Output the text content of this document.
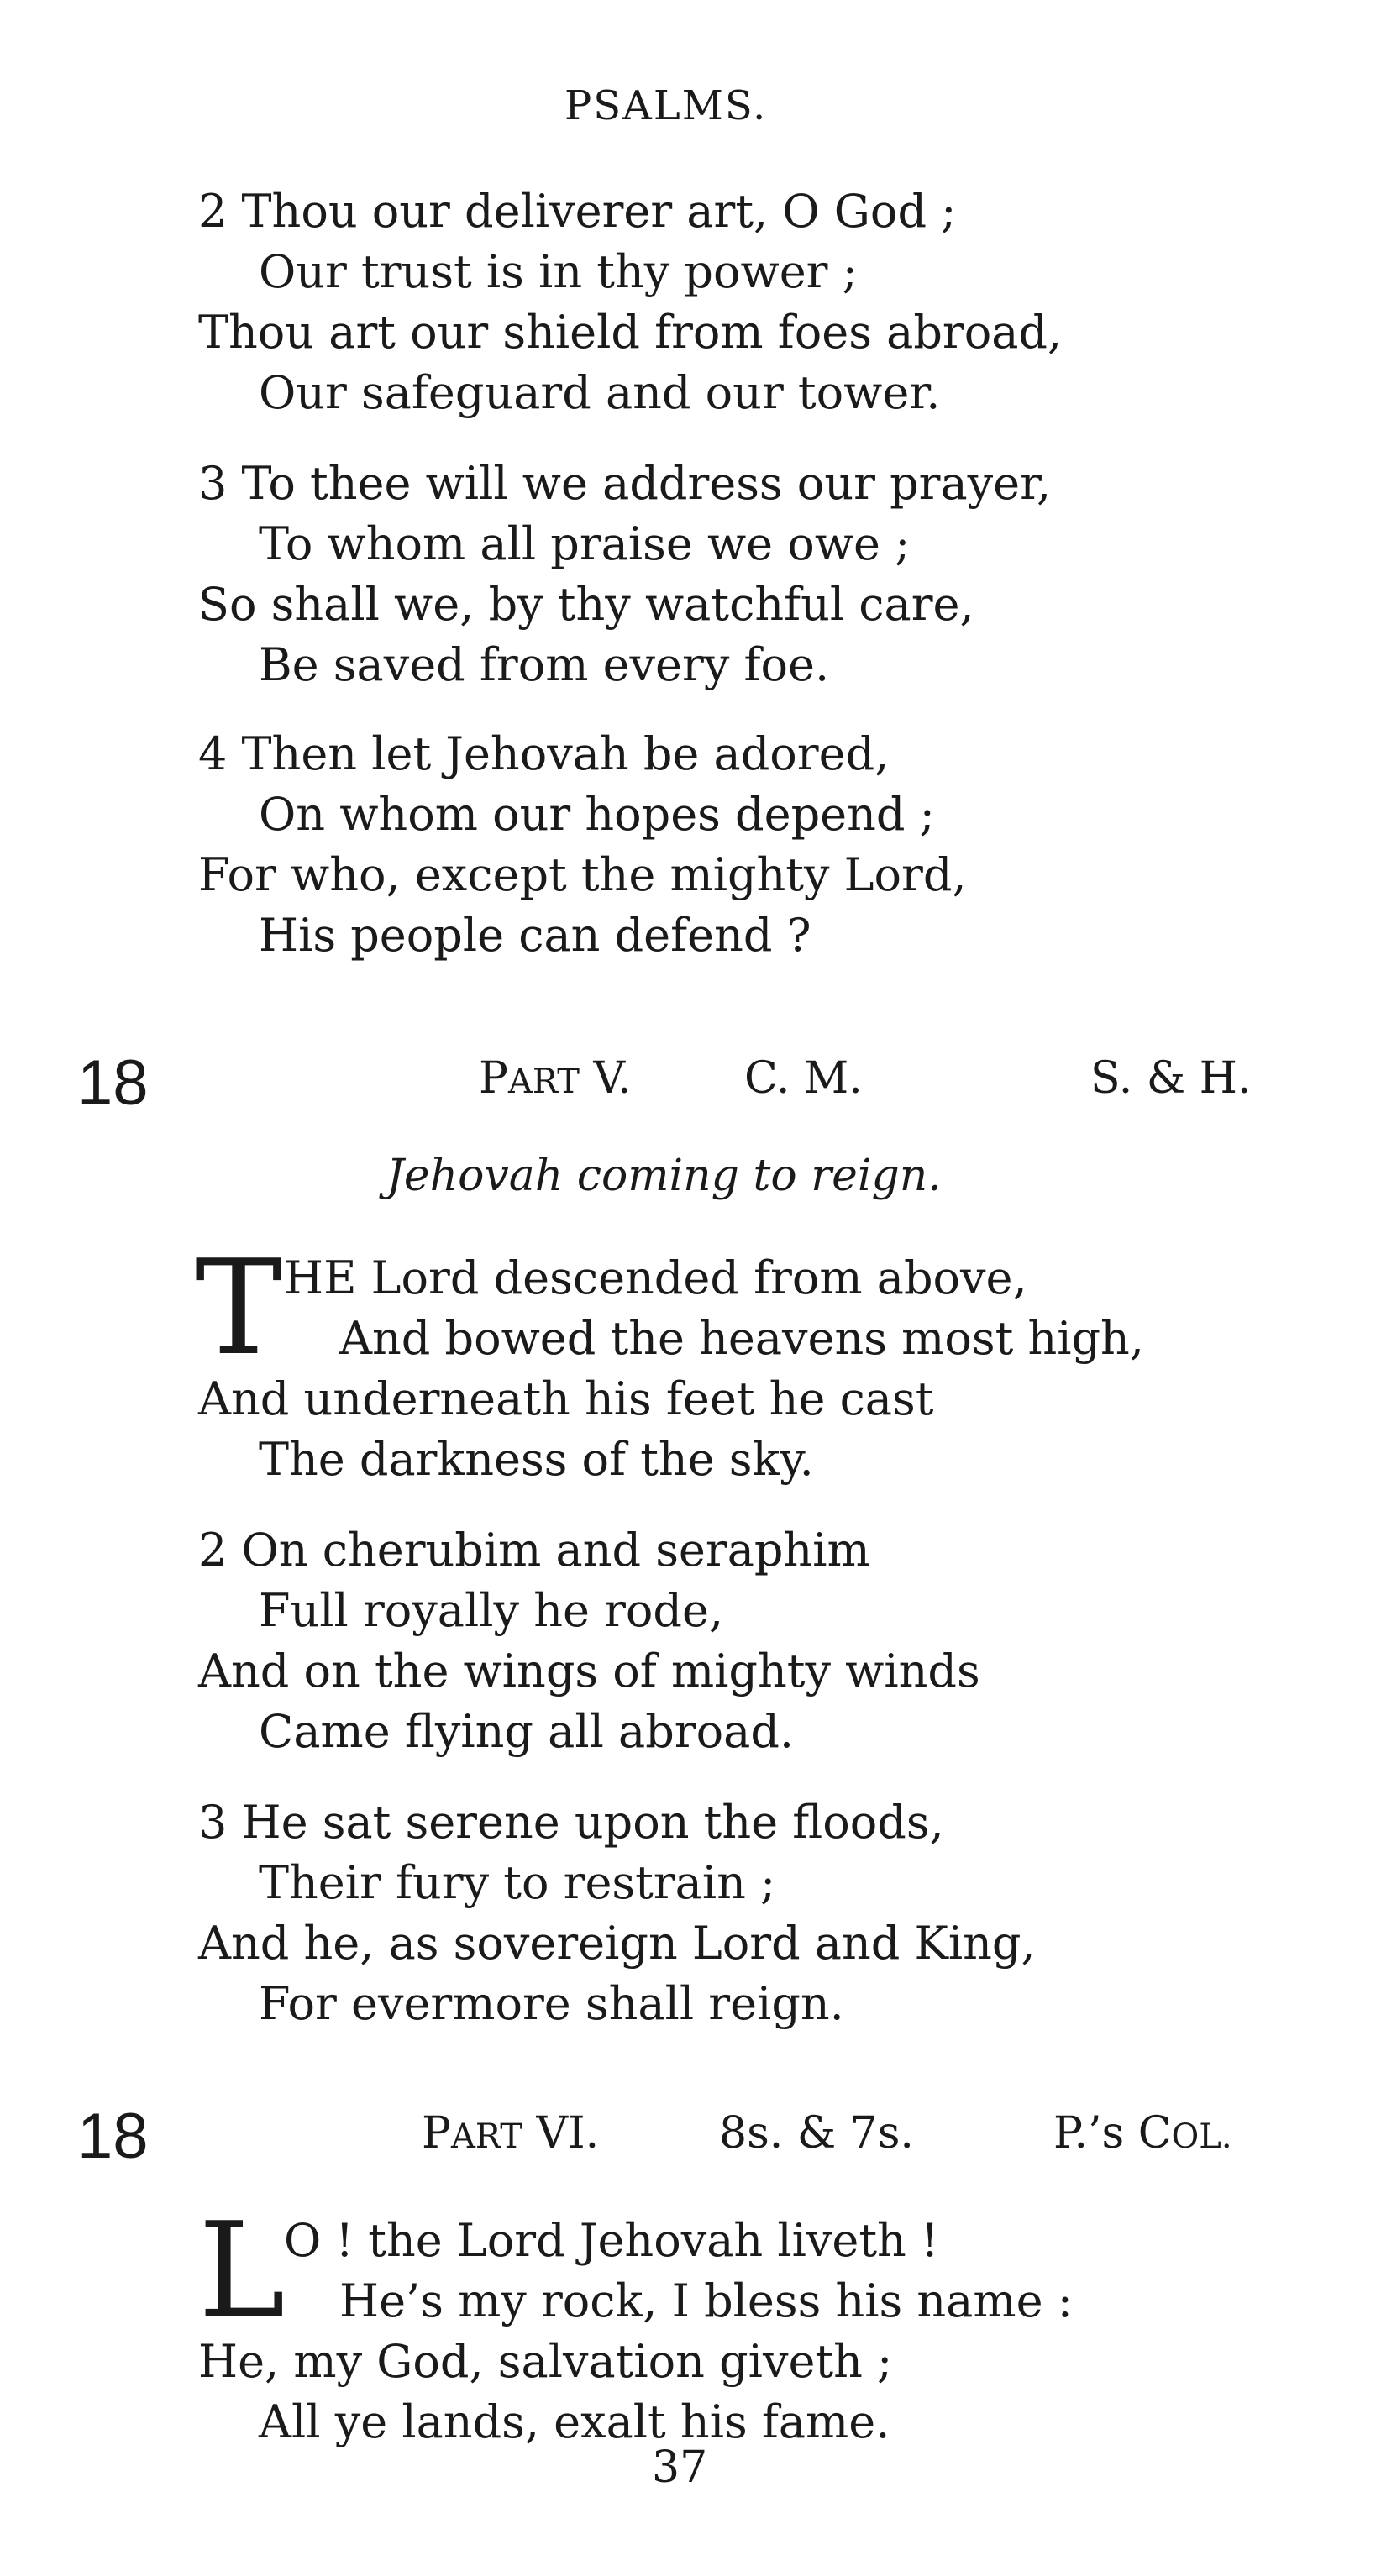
PSALMS.
2 Thou our deliverer art, O God ;
Our trust is in thy power ;
Thou art our shield from foes abroad,
Our safeguard and our tower.
3 To thee will we address our prayer,
To whom all praise we owe ;
So shall we, by thy watchful care,
Be saved from every foe.
4 Then let Jehovah be adored,
On whom our hopes depend ;
For who, except the mighty Lord,
His people can defend ?
18	PART V.	C. M.	S. & H.
Jehovah coming to reign.
T HE Lord descended from above,
And bowed the heavens most high,
And underneath his feet he cast
The darkness of the sky.
2 On cherubim and seraphim
Full royally he rode,
And on the wings of mighty winds
Came flying all abroad.
3 He sat serene upon the floods,
Their fury to restrain ;
And he, as sovereign Lord and King,
For evermore shall reign.
18	PART VI.	8s. & 7s.	P.’s COL.
L
O ! the Lord Jehovah liveth !
He’s my rock, I bless his name :
He, my God, salvation giveth ;
All ye lands, exalt his fame.
37
